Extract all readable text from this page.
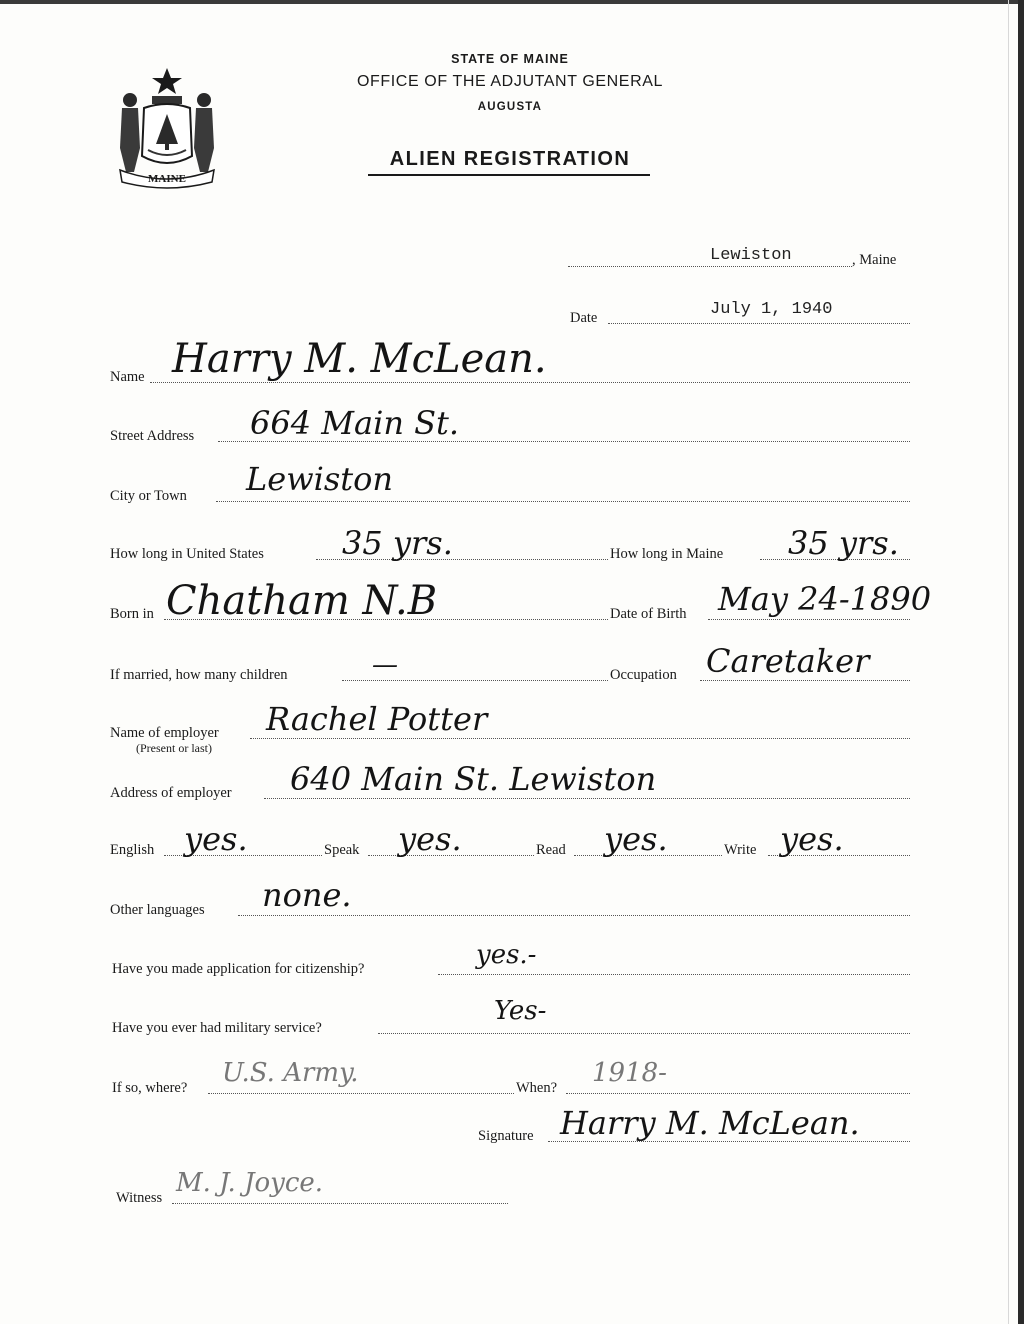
MAINE
STATE OF MAINE
OFFICE OF THE ADJUTANT GENERAL
AUGUSTA
ALIEN REGISTRATION
Lewiston	, Maine
Date	July 1, 1940
Name Harry M. McLean.
Street Address 664 Main St.
City or Town Lewiston
How long in United States 35 yrs.	How long in Maine 35 yrs.
Born in Chatham N.B	Date of Birth May 24-1890
If married, how many children	—	Occupation Caretaker
Name of employer
(Present or last)
Rachel Potter
Address of employer 640 Main St. Lewiston
English yes.	Speak yes.	Read yes.	Write yes.
Other languages none.
Have you made application for citizenship?	yes.-
Have you ever had military service?
Yes-
If so, where? U.S. Army.	When? 1918-
Signature Harry M. McLean.
Witness M. J. Joyce.
